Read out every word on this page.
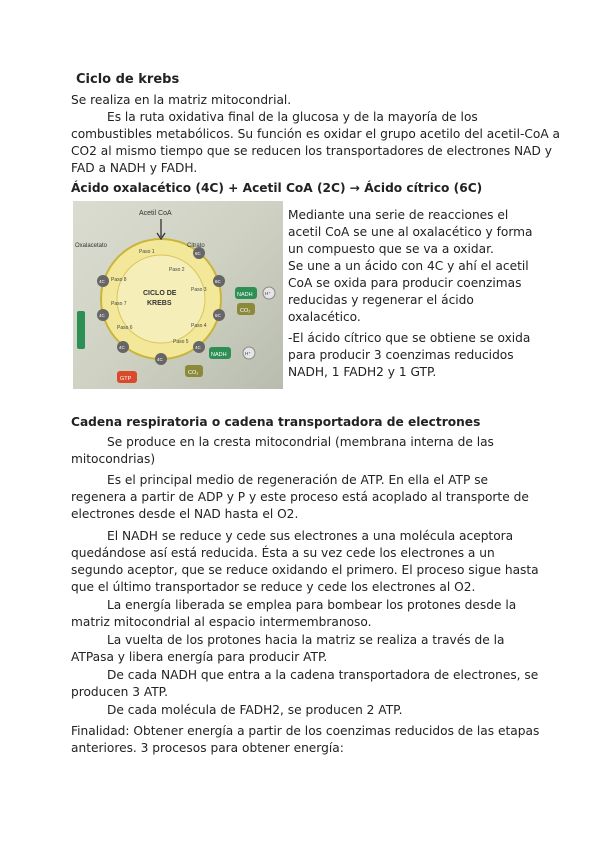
Ciclo de krebs
Se realiza en la matriz mitocondrial.
Es la ruta oxidativa final de la glucosa y de la mayoría de los
combustibles metabólicos. Su función es oxidar el grupo acetilo del acetil-CoA a
CO2 al mismo tiempo que se reducen los transportadores de electrones NAD y
FAD a NADH y FADH.
Ácido oxalacético (4C) + Acetil CoA (2C) → Ácido cítrico (6C)
Acetil CoA
Oxalacetato	Citrato
CICLO DE
KREBS
Paso 1
Paso 2
Paso 3
Paso 4
Paso 5
Paso 6
Paso 7
Paso 8
6C
6C
5C
4C
4C
4C
4C
4C
NADH
CO₂
NADH
CO₂
GTP
H⁺
H⁺
Mediante una serie de reacciones el
acetil CoA se une al oxalacético y forma
un compuesto que se va a oxidar.
Se une a un ácido con 4C y ahí el acetil
CoA se oxida para producir coenzimas
reducidas y regenerar el ácido
oxalacético.
-El ácido cítrico que se obtiene se oxida
para producir 3 coenzimas reducidos
NADH, 1 FADH2 y 1 GTP.
Cadena respiratoria o cadena transportadora de electrones
Se produce en la cresta mitocondrial (membrana interna de las
mitocondrias)
Es el principal medio de regeneración de ATP. En ella el ATP se
regenera a partir de ADP y P y este proceso está acoplado al transporte de
electrones desde el NAD hasta el O2.
El NADH se reduce y cede sus electrones a una molécula aceptora
quedándose así está reducida. Ésta a su vez cede los electrones a un
segundo aceptor, que se reduce oxidando el primero. El proceso sigue hasta
que el último transportador se reduce y cede los electrones al O2.
La energía liberada se emplea para bombear los protones desde la
matriz mitocondrial al espacio intermembranoso.
La vuelta de los protones hacia la matriz se realiza a través de la
ATPasa y libera energía para producir ATP.
De cada NADH que entra a la cadena transportadora de electrones, se
producen 3 ATP.
De cada molécula de FADH2, se producen 2 ATP.
Finalidad: Obtener energía a partir de los coenzimas reducidos de las etapas
anteriores. 3 procesos para obtener energía:
